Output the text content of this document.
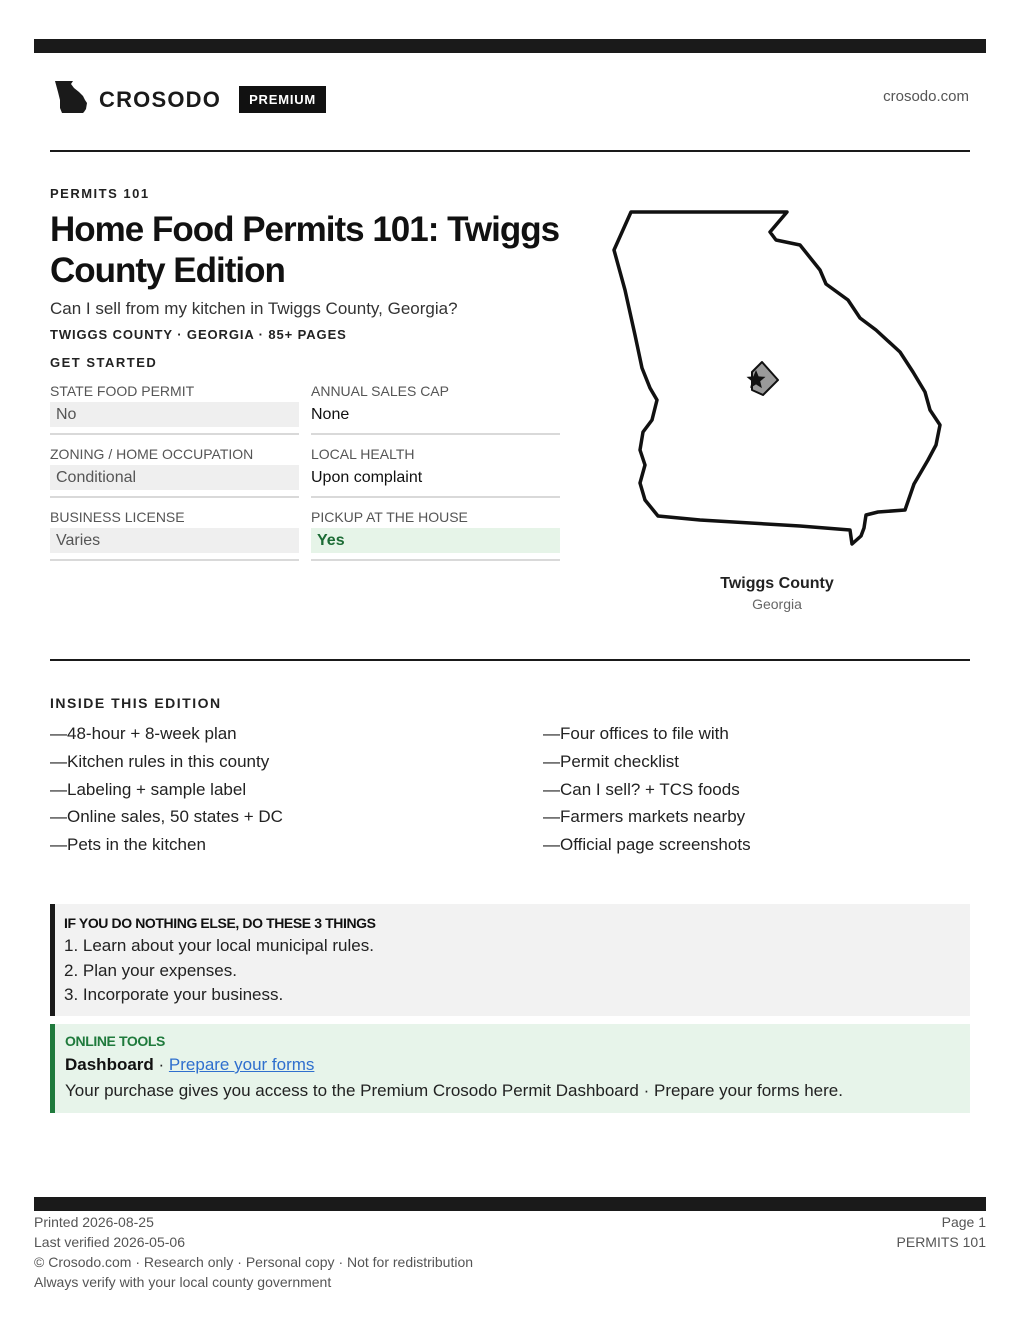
CROSODO	PREMIUM	crosodo.com
PERMITS 101
Home Food Permits 101: Twiggs County Edition
Can I sell from my kitchen in Twiggs County, Georgia?
TWIGGS COUNTY · GEORGIA · 85+ PAGES
GET STARTED
STATE FOOD PERMIT
No
ANNUAL SALES CAP
None
ZONING / HOME OCCUPATION
Conditional
LOCAL HEALTH
Upon complaint
BUSINESS LICENSE
Varies
PICKUP AT THE HOUSE
Yes
Twiggs County
Georgia
INSIDE THIS EDITION
—48-hour + 8-week plan
—Kitchen rules in this county
—Labeling + sample label
—Online sales, 50 states + DC
—Pets in the kitchen
—Four offices to file with
—Permit checklist
—Can I sell? + TCS foods
—Farmers markets nearby
—Official page screenshots
IF YOU DO NOTHING ELSE, DO THESE 3 THINGS
1. Learn about your local municipal rules.
2. Plan your expenses.
3. Incorporate your business.
ONLINE TOOLS
Dashboard · Prepare your forms
Your purchase gives you access to the Premium Crosodo Permit Dashboard · Prepare your forms here.
Printed 2026-08-25
Last verified 2026-05-06
© Crosodo.com · Research only · Personal copy · Not for redistribution
Always verify with your local county government
Page 1
PERMITS 101
